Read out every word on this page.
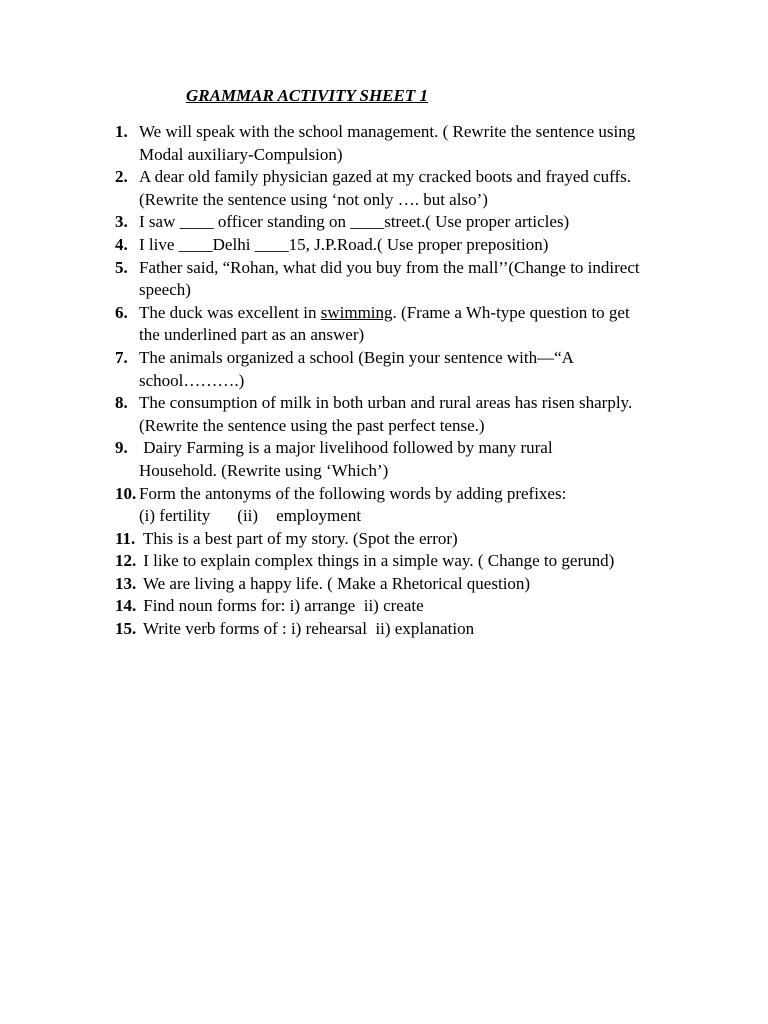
GRAMMAR ACTIVITY SHEET 1
1. We will speak with the school management. ( Rewrite the sentence using
Modal auxiliary-Compulsion)
2. A dear old family physician gazed at my cracked boots and frayed cuffs.
(Rewrite the sentence using ‘not only …. but also’)
3. I saw ____ officer standing on ____street.( Use proper articles)
4. I live ____Delhi ____15, J.P.Road.( Use proper preposition)
5. Father said, “Rohan, what did you buy from the mall’’(Change to indirect
speech)
6. The duck was excellent in swimming. (Frame a Wh-type question to get
the underlined part as an answer)
7. The animals organized a school (Begin your sentence with—“A
school……….)
8. The consumption of milk in both urban and rural areas has risen sharply.
(Rewrite the sentence using the past perfect tense.)
9. Dairy Farming is a major livelihood followed by many rural
Household. (Rewrite using ‘Which’)
10. Form the antonyms of the following words by adding prefixes:
(i) fertility (ii) employment
11. This is a best part of my story. (Spot the error)
12. I like to explain complex things in a simple way. ( Change to gerund)
13. We are living a happy life. ( Make a Rhetorical question)
14. Find noun forms for: i) arrange  ii) create
15. Write verb forms of : i) rehearsal  ii) explanation
